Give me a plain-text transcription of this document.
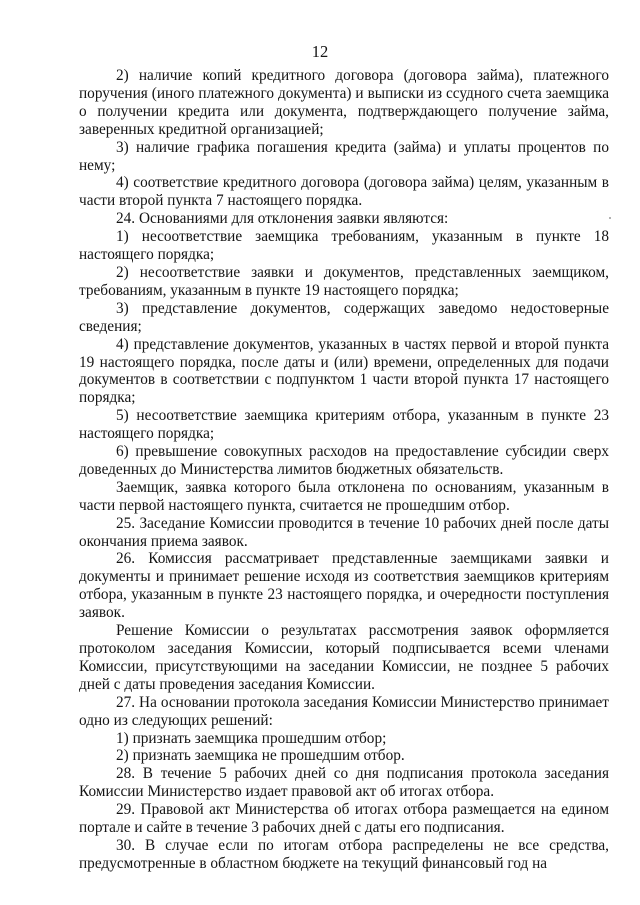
12

2) наличие копий кредитного договора (договора займа), платежного поручения (иного платежного документа) и выписки из ссудного счета заемщика о получении кредита или документа, подтверждающего получение займа, заверенных кредитной организацией;

3) наличие графика погашения кредита (займа) и уплаты процентов по нему;

4) соответствие кредитного договора (договора займа) целям, указанным в части второй пункта 7 настоящего порядка.

24. Основаниями для отклонения заявки являются:

1) несоответствие заемщика требованиям, указанным в пункте 18 настоящего порядка;

2) несоответствие заявки и документов, представленных заемщиком, требованиям, указанным в пункте 19 настоящего порядка;

3) представление документов, содержащих заведомо недостоверные сведения;

4) представление документов, указанных в частях первой и второй пункта 19 настоящего порядка, после даты и (или) времени, определенных для подачи документов в соответствии с подпунктом 1 части второй пункта 17 настоящего порядка;

5) несоответствие заемщика критериям отбора, указанным в пункте 23 настоящего порядка;

6) превышение совокупных расходов на предоставление субсидии сверх доведенных до Министерства лимитов бюджетных обязательств.

Заемщик, заявка которого была отклонена по основаниям, указанным в части первой настоящего пункта, считается не прошедшим отбор.

25. Заседание Комиссии проводится в течение 10 рабочих дней после даты окончания приема заявок.

26. Комиссия рассматривает представленные заемщиками заявки и документы и принимает решение исходя из соответствия заемщиков критериям отбора, указанным в пункте 23 настоящего порядка, и очередности поступления заявок.

Решение Комиссии о результатах рассмотрения заявок оформляется протоколом заседания Комиссии, который подписывается всеми членами Комиссии, присутствующими на заседании Комиссии, не позднее 5 рабочих дней с даты проведения заседания Комиссии.

27. На основании протокола заседания Комиссии Министерство принимает одно из следующих решений:

1) признать заемщика прошедшим отбор;

2) признать заемщика не прошедшим отбор.

28. В течение 5 рабочих дней со дня подписания протокола заседания Комиссии Министерство издает правовой акт об итогах отбора.

29. Правовой акт Министерства об итогах отбора размещается на едином портале и сайте в течение 3 рабочих дней с даты его подписания.

30. В случае если по итогам отбора распределены не все средства, предусмотренные в областном бюджете на текущий финансовый год на
